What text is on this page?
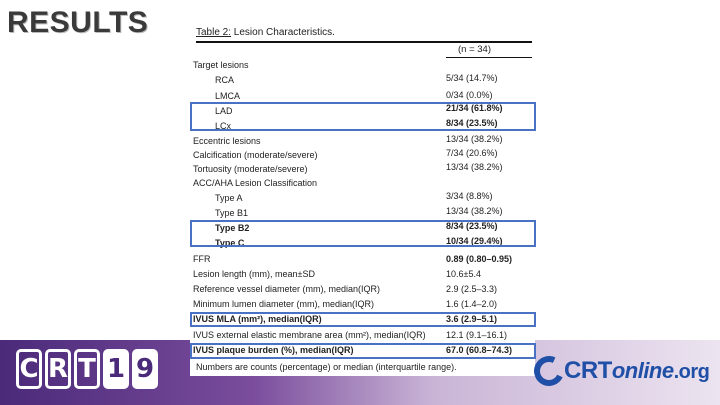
RESULTS	Table 2: Lesion Characteristics.
(n = 34)
Target lesions
RCA	5/34 (14.7%)
LMCA	0/34 (0.0%)
LAD	21/34 (61.8%)
LCx	8/34 (23.5%)
Eccentric lesions	13/34 (38.2%)
Calcification (moderate/severe)	7/34 (20.6%)
Tortuosity (moderate/severe)	13/34 (38.2%)
ACC/AHA Lesion Classification
Type A	3/34 (8.8%)
Type B1	13/34 (38.2%)
Type B2	8/34 (23.5%)
Type C	10/34 (29.4%)
FFR	0.89 (0.80–0.95)
Lesion length (mm), mean±SD	10.6±5.4
Reference vessel diameter (mm), median(IQR)	2.9 (2.5–3.3)
Minimum lumen diameter (mm), median(IQR)	1.6 (1.4–2.0)
IVUS MLA (mm²), median(IQR)	3.6 (2.9–5.1)
IVUS external elastic membrane area (mm²), median(IQR) 12.1 (9.1–16.1)
IVUS plaque burden (%), median(IQR)	67.0 (60.8–74.3)
Numbers are counts (percentage) or median (interquartile range).
C R T 1 9	CRTonline.org
